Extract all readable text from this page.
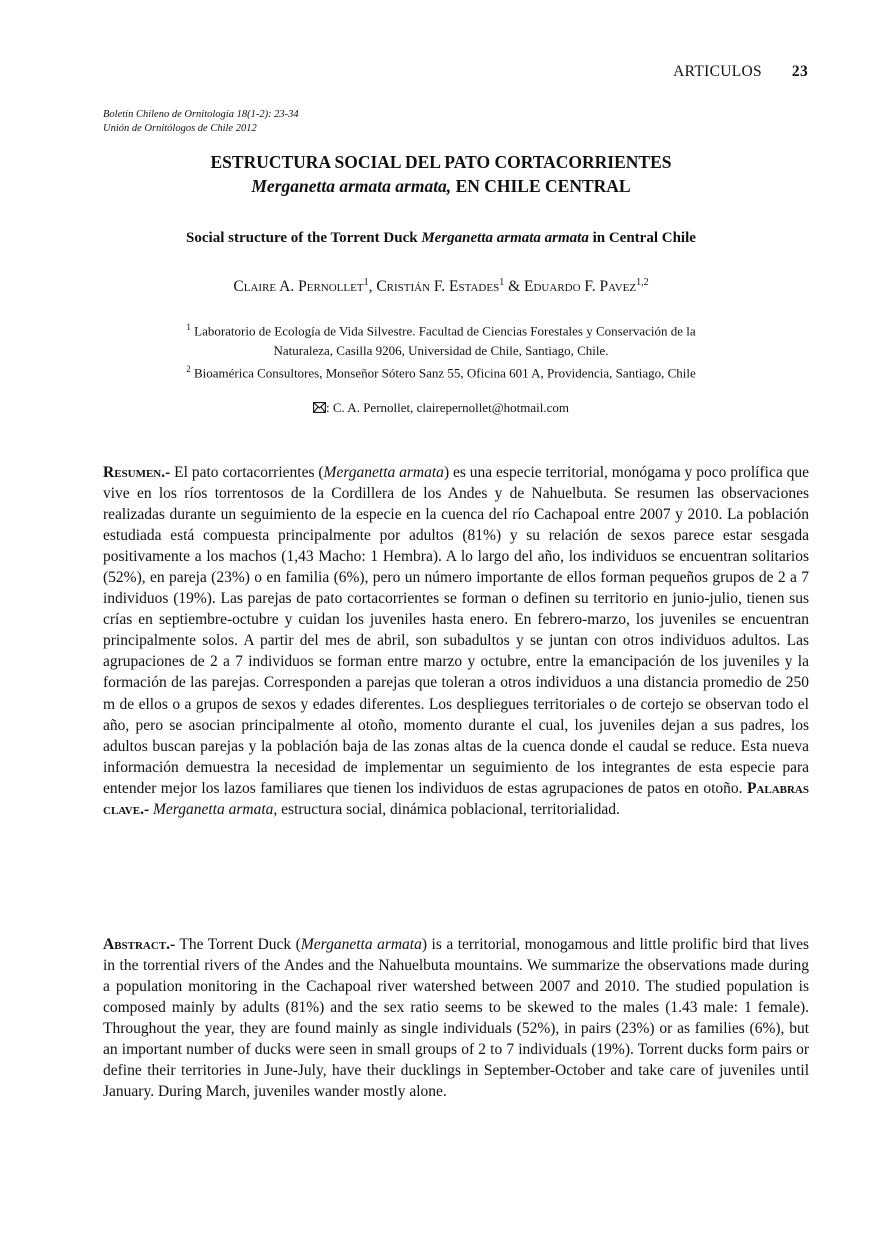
ARTICULOS 23
Boletín Chileno de Ornitología 18(1-2): 23-34
Unión de Ornitólogos de Chile 2012
ESTRUCTURA SOCIAL DEL PATO CORTACORRIENTES
Merganetta armata armata, EN CHILE CENTRAL
Social structure of the Torrent Duck Merganetta armata armata in Central Chile
Claire A. Pernollet$^1$, Cristián F. Estades$^1$ & Eduardo F. Pavez$^{1,2}$
$^1$ Laboratorio de Ecología de Vida Silvestre. Facultad de Ciencias Forestales y Conservación de la
Naturaleza, Casilla 9206, Universidad de Chile, Santiago, Chile.
$^2$ Bioamérica Consultores, Monseñor Sótero Sanz 55, Oficina 601 A, Providencia, Santiago, Chile
: C. A. Pernollet, clairepernollet@hotmail.com
Resumen.- El pato cortacorrientes (Merganetta armata) es una especie territorial, monógama y poco prolífica que vive en los ríos torrentosos de la Cordillera de los Andes y de Nahuelbuta. Se resumen las observaciones realizadas durante un seguimiento de la especie en la cuenca del río Cachapoal entre 2007 y 2010. La población estudiada está compuesta principalmente por adultos (81%) y su relación de sexos parece estar sesgada positivamente a los machos (1,43 Macho: 1 Hembra). A lo largo del año, los individuos se encuentran solitarios (52%), en pareja (23%) o en familia (6%), pero un número importante de ellos forman pequeños grupos de 2 a 7 individuos (19%). Las parejas de pato cortacorrientes se forman o definen su territorio en junio-julio, tienen sus crías en septiembre-octubre y cuidan los juveniles hasta enero. En febrero-marzo, los juveniles se encuentran principalmente solos. A partir del mes de abril, son subadultos y se juntan con otros individuos adultos. Las agrupaciones de 2 a 7 individuos se forman entre marzo y octubre, entre la emancipación de los juveniles y la formación de las parejas. Corresponden a parejas que toleran a otros individuos a una distancia promedio de 250 m de ellos o a grupos de sexos y edades diferentes. Los despliegues territoriales o de cortejo se observan todo el año, pero se asocian principalmente al otoño, momento durante el cual, los juveniles dejan a sus padres, los adultos buscan parejas y la población baja de las zonas altas de la cuenca donde el caudal se reduce. Esta nueva información demuestra la necesidad de implementar un seguimiento de los integrantes de esta especie para entender mejor los lazos familiares que tienen los individuos de estas agrupaciones de patos en otoño. Palabras clave.- Merganetta armata, estructura social, dinámica poblacional, territorialidad.
Abstract.- The Torrent Duck (Merganetta armata) is a territorial, monogamous and little prolific bird that lives in the torrential rivers of the Andes and the Nahuelbuta mountains. We summarize the observations made during a population monitoring in the Cachapoal river watershed between 2007 and 2010. The studied population is composed mainly by adults (81%) and the sex ratio seems to be skewed to the males (1.43 male: 1 female). Throughout the year, they are found mainly as single individuals (52%), in pairs (23%) or as families (6%), but an important number of ducks were seen in small groups of 2 to 7 individuals (19%). Torrent ducks form pairs or define their territories in June-July, have their ducklings in September-October and take care of juveniles until January. During March, juveniles wander mostly alone.
